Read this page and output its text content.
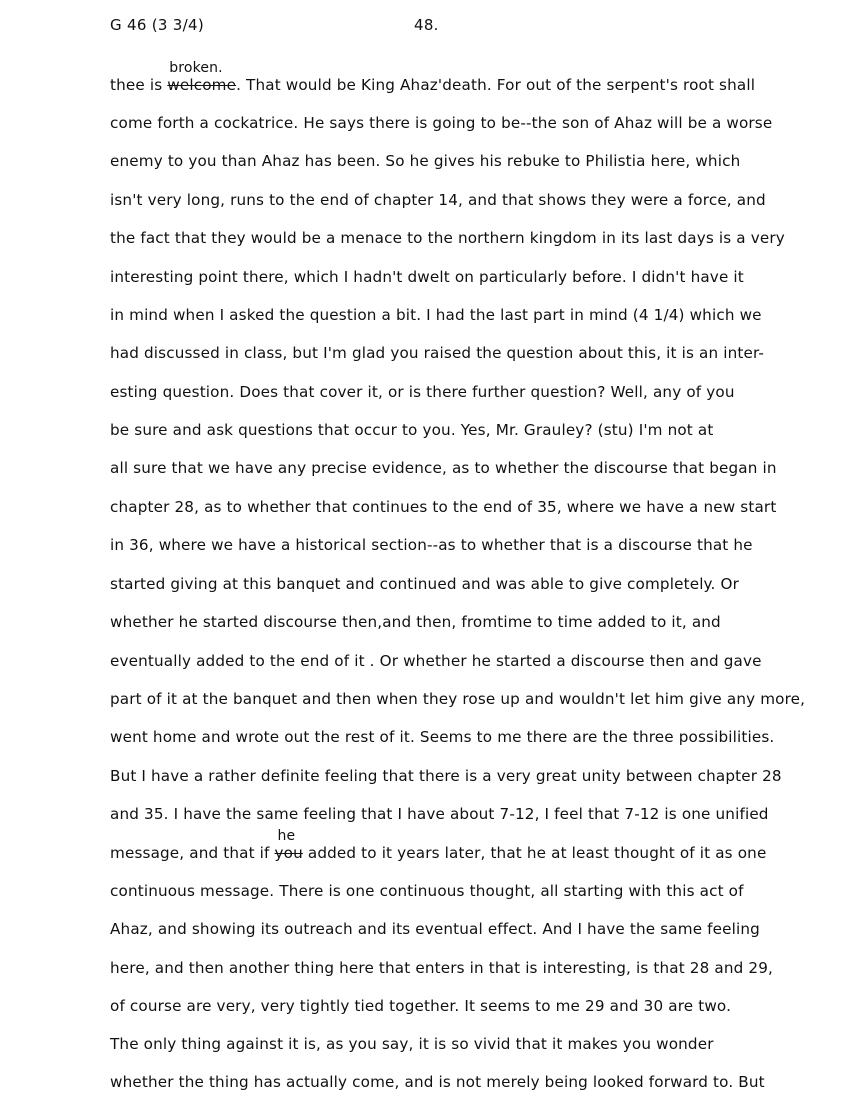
G 46 (3 3/4)	48.
thee is welcome
broken.
. That would be King Ahaz'death. For out of the serpent's root shall
come forth a cockatrice. He says there is going to be--the son of Ahaz will be a worse
enemy to you than Ahaz has been. So he gives his rebuke to Philistia here, which
isn't very long, runs to the end of chapter 14, and that shows they were a force, and
the fact that they would be a menace to the northern kingdom in its last days is a very
interesting point there, which I hadn't dwelt on particularly before. I didn't have it
in mind when I asked the question a bit. I had the last part in mind (4 1/4) which we
had discussed in class, but I'm glad you raised the question about this, it is an inter-
esting question. Does that cover it, or is there further question? Well, any of you
be sure and ask questions that occur to you. Yes, Mr. Grauley? (stu) I'm not at
all sure that we have any precise evidence, as to whether the discourse that began in
chapter 28, as to whether that continues to the end of 35, where we have a new start
in 36, where we have a historical section--as to whether that is a discourse that he
started giving at this banquet and continued and was able to give completely. Or
whether he started discourse then,and then, fromtime to time added to it, and
eventually added to the end of it . Or whether he started a discourse then and gave
part of it at the banquet and then when they rose up and wouldn't let him give any more,
went home and wrote out the rest of it. Seems to me there are the three possibilities.
But I have a rather definite feeling that there is a very great unity between chapter 28
and 35. I have the same feeling that I have about 7-12, I feel that 7-12 is one unified
message, and that if you
he
added to it years later, that he at least thought of it as one
continuous message. There is one continuous thought, all starting with this act of
Ahaz, and showing its outreach and its eventual effect. And I have the same feeling
here, and then another thing here that enters in that is interesting, is that 28 and 29,
of course are very, very tightly tied together. It seems to me 29 and 30 are two.
The only thing against it is, as you say, it is so vivid that it makes you wonder
whether the thing has actually come, and is not merely being looked forward to. But
